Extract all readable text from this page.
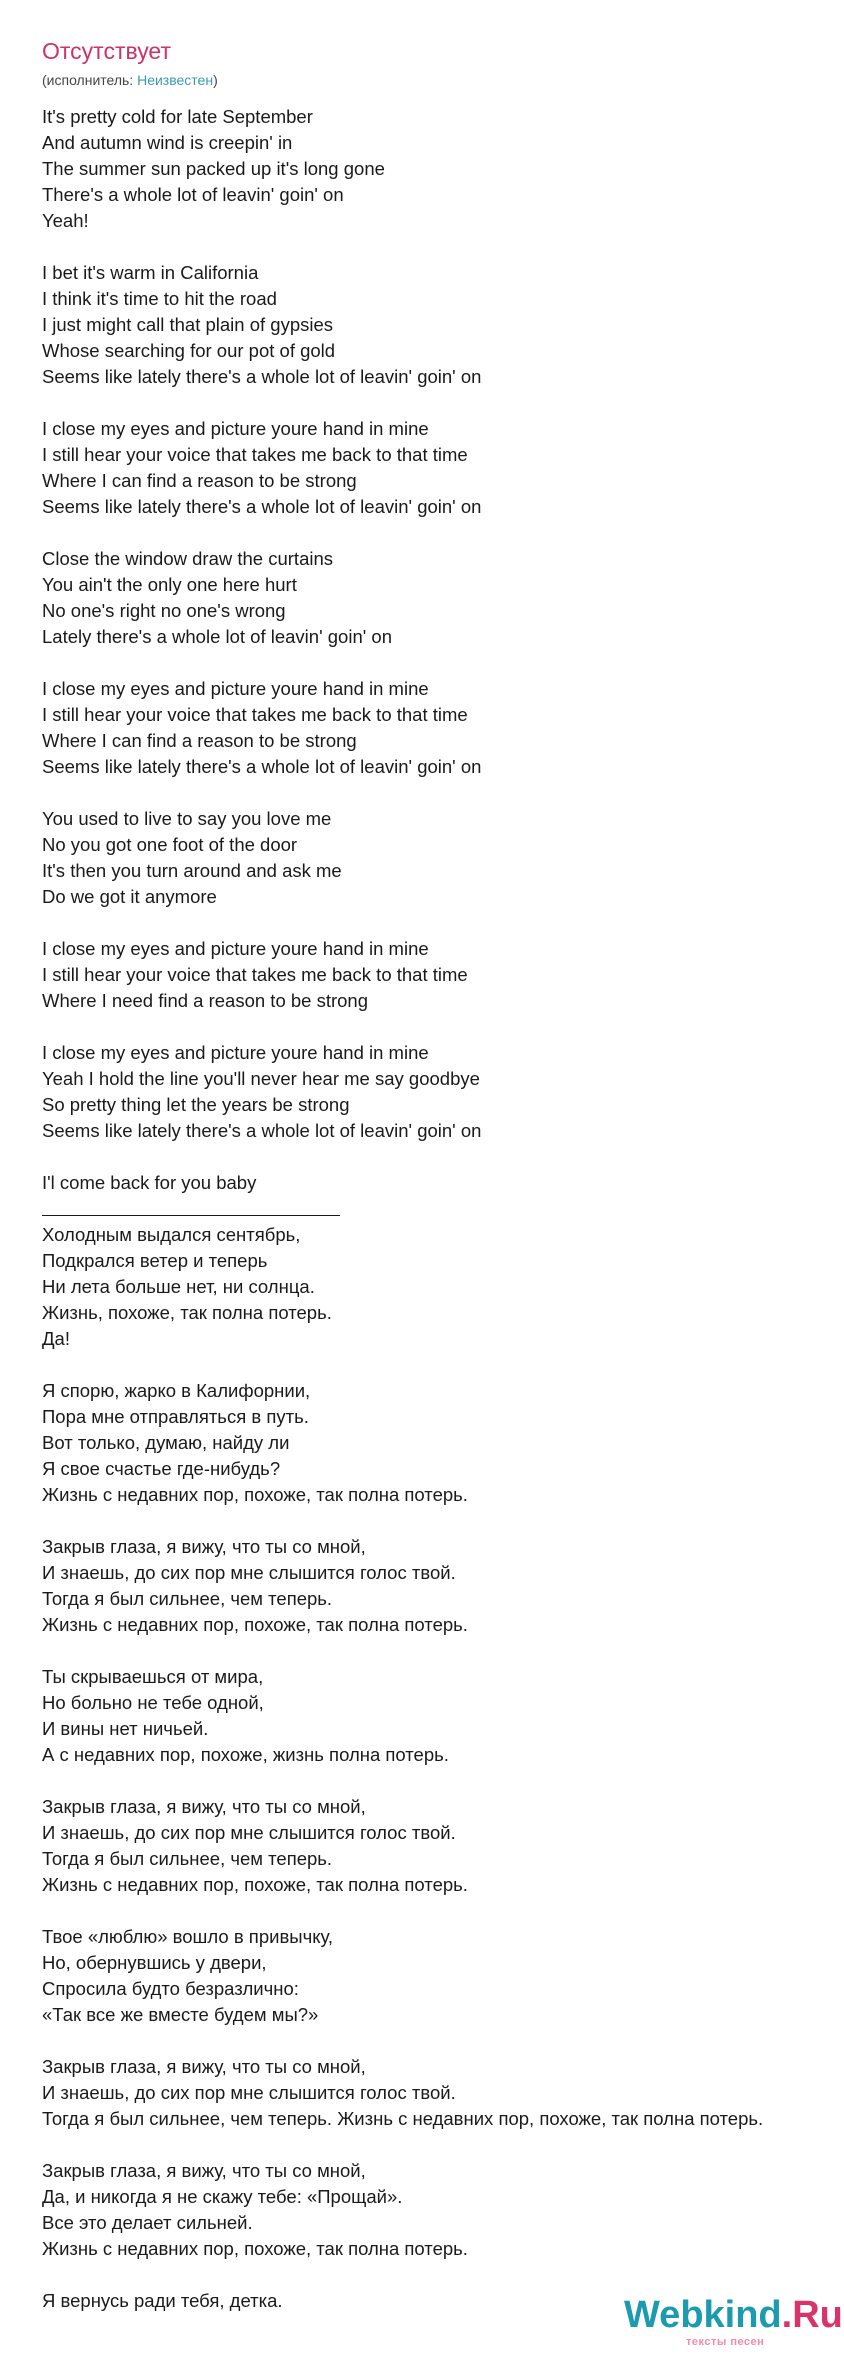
Отсутствует
(исполнитель: Неизвестен)
It's pretty cold for late September
And autumn wind is creepin' in
The summer sun packed up it's long gone
There's a whole lot of leavin' goin' on
Yeah!
I bet it's warm in California
I think it's time to hit the road
I just might call that plain of gypsies
Whose searching for our pot of gold
Seems like lately there's a whole lot of leavin' goin' on
I close my eyes and picture youre hand in mine
I still hear your voice that takes me back to that time
Where I can find a reason to be strong
Seems like lately there's a whole lot of leavin' goin' on
Close the window draw the curtains
You ain't the only one here hurt
No one's right no one's wrong
Lately there's a whole lot of leavin' goin' on
I close my eyes and picture youre hand in mine
I still hear your voice that takes me back to that time
Where I can find a reason to be strong
Seems like lately there's a whole lot of leavin' goin' on
You used to live to say you love me
No you got one foot of the door
It's then you turn around and ask me
Do we got it anymore
I close my eyes and picture youre hand in mine
I still hear your voice that takes me back to that time
Where I need find a reason to be strong
I close my eyes and picture youre hand in mine
Yeah I hold the line you'll never hear me say goodbye
So pretty thing let the years be strong
Seems like lately there's a whole lot of leavin' goin' on
I'l come back for you baby
Холодным выдался сентябрь,
Подкрался ветер и теперь
Ни лета больше нет, ни солнца.
Жизнь, похоже, так полна потерь.
Да!
Я спорю, жарко в Калифорнии,
Пора мне отправляться в путь.
Вот только, думаю, найду ли
Я свое счастье где-нибудь?
Жизнь с недавних пор, похоже, так полна потерь.
Закрыв глаза, я вижу, что ты со мной,
И знаешь, до сих пор мне слышится голос твой.
Тогда я был сильнее, чем теперь.
Жизнь с недавних пор, похоже, так полна потерь.
Ты скрываешься от мира,
Но больно не тебе одной,
И вины нет ничьей.
А с недавних пор, похоже, жизнь полна потерь.
Закрыв глаза, я вижу, что ты со мной,
И знаешь, до сих пор мне слышится голос твой.
Тогда я был сильнее, чем теперь.
Жизнь с недавних пор, похоже, так полна потерь.
Твое «люблю» вошло в привычку,
Но, обернувшись у двери,
Спросила будто безразлично:
«Так все же вместе будем мы?»
Закрыв глаза, я вижу, что ты со мной,
И знаешь, до сих пор мне слышится голос твой.
Тогда я был сильнее, чем теперь. Жизнь с недавних пор, похоже, так полна потерь.
Закрыв глаза, я вижу, что ты со мной,
Да, и никогда я не скажу тебе: «Прощай».
Все это делает сильней.
Жизнь с недавних пор, похоже, так полна потерь.
Я вернусь ради тебя, детка.	Webkind.Ru
тексты песен
